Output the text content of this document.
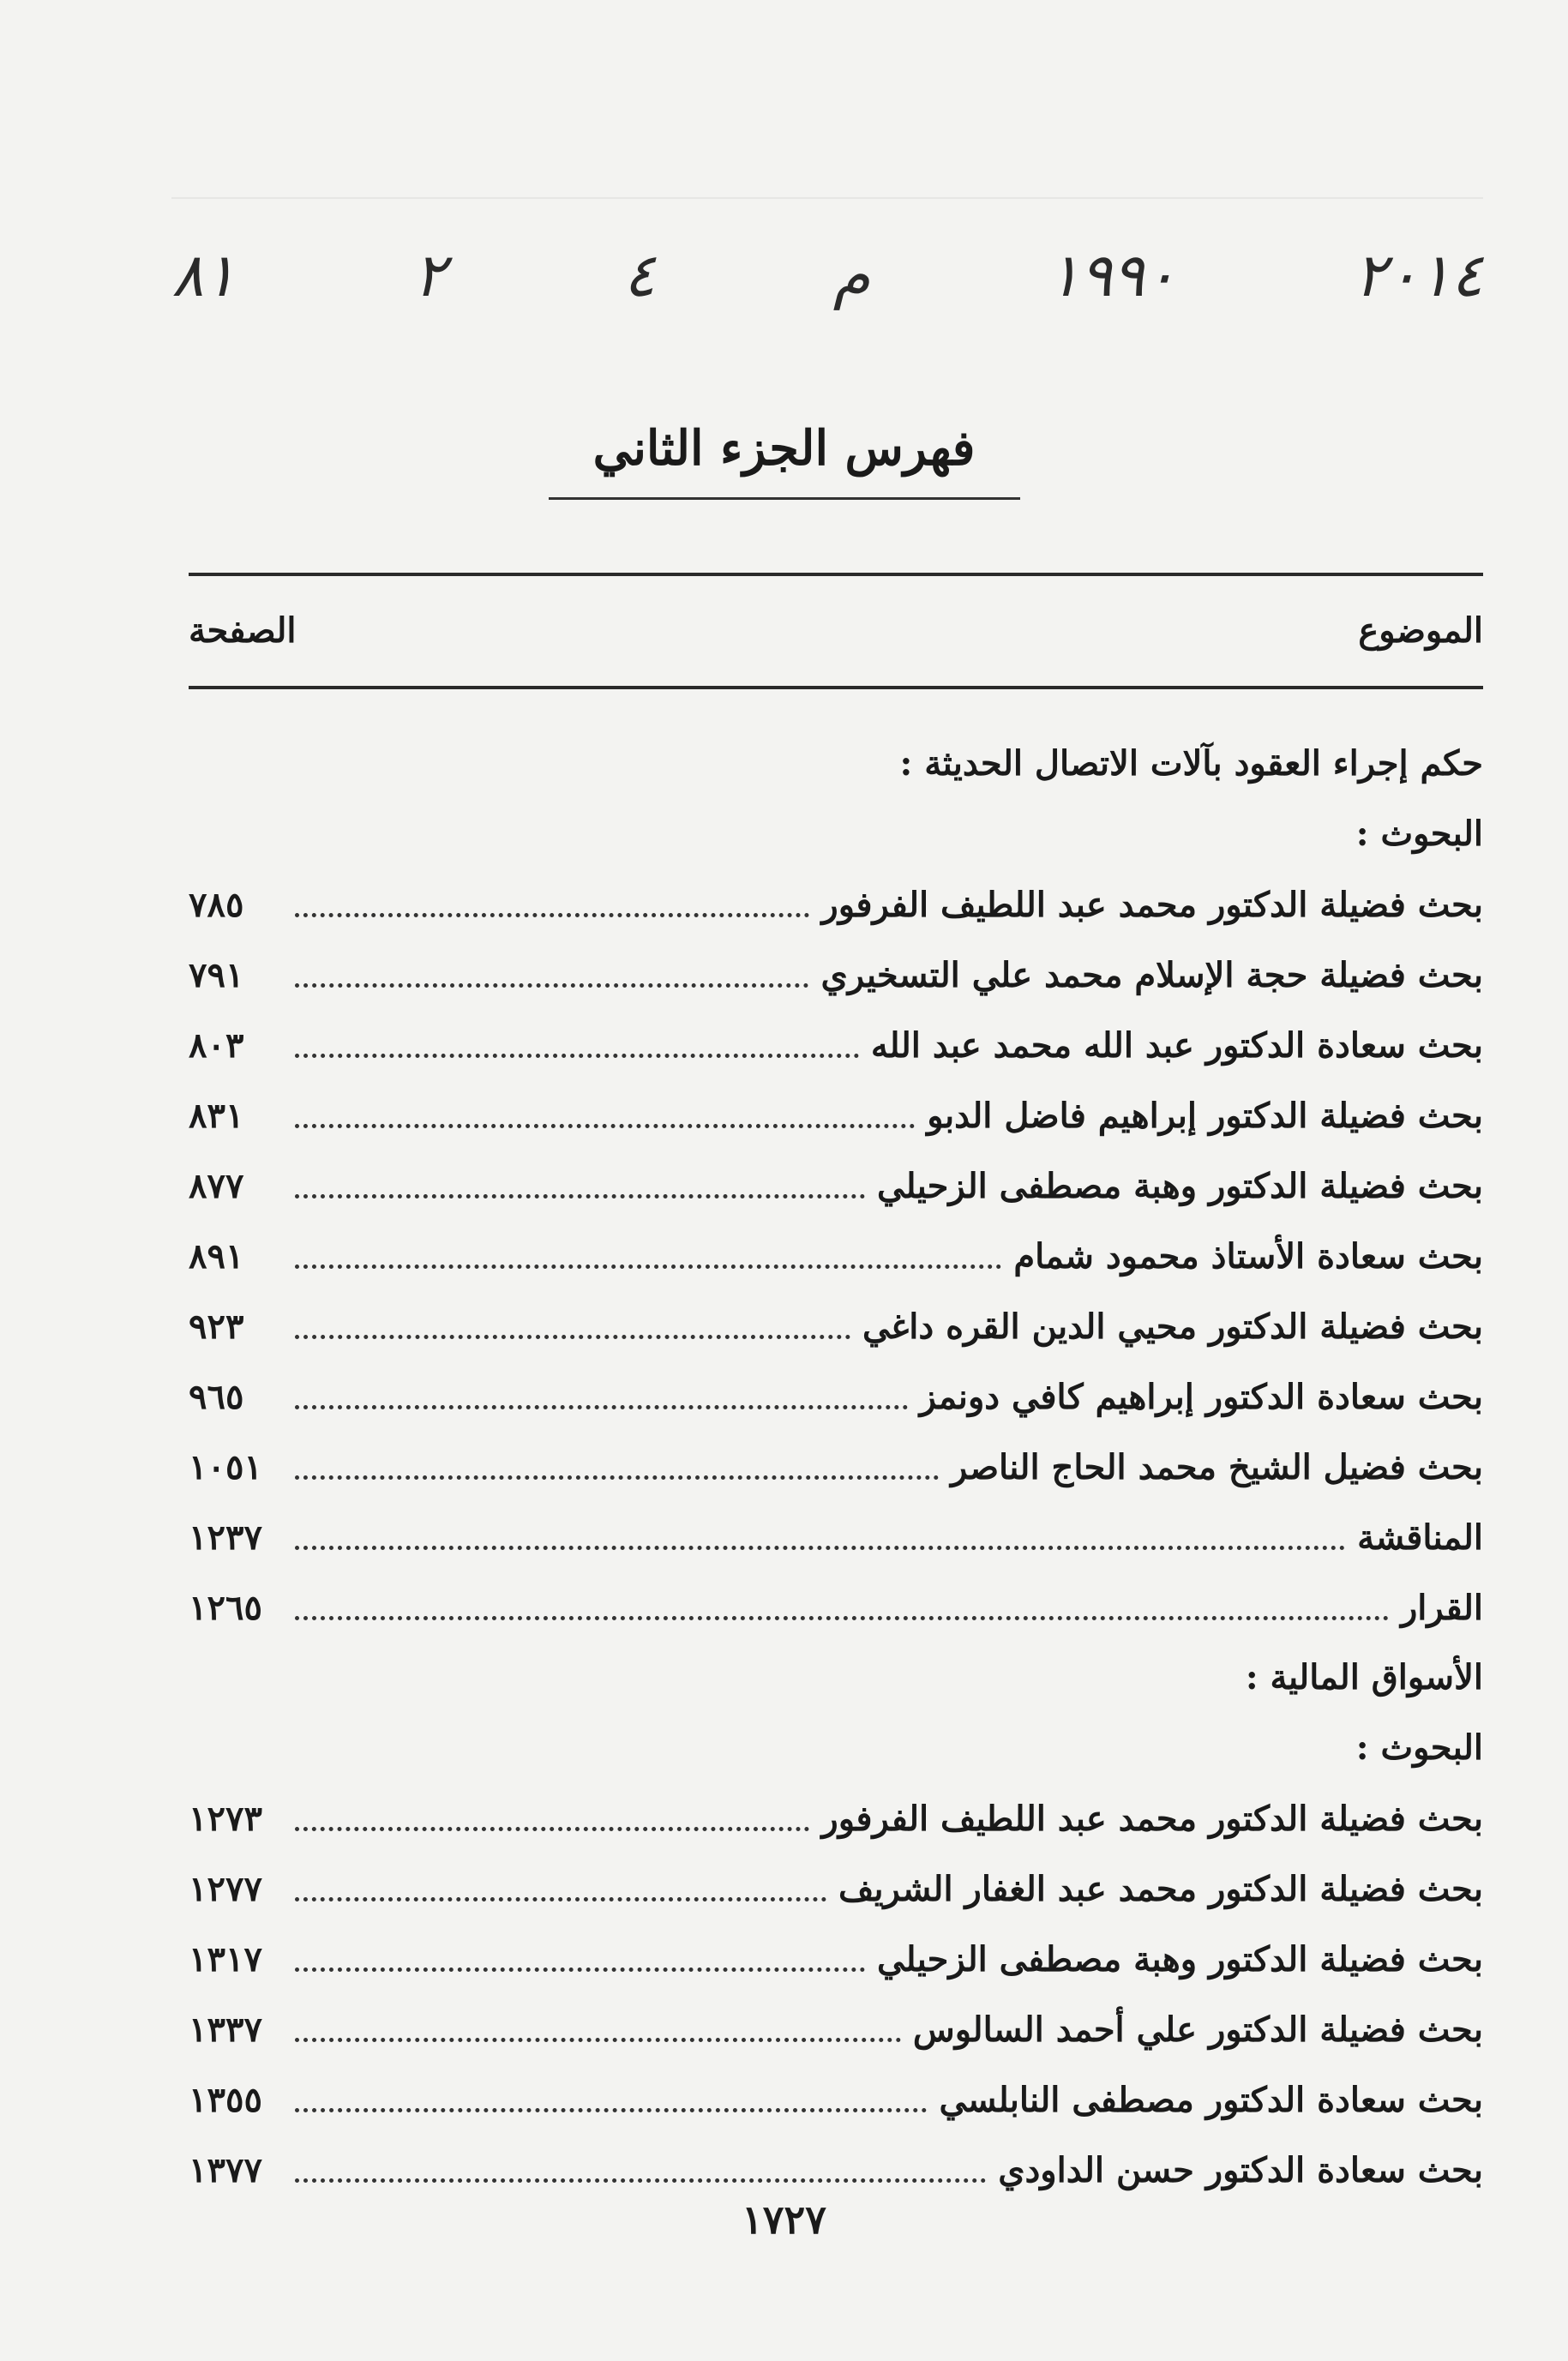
٢٠١٤
١٩٩٠
م
٤
٢
٨١
فهرس الجزء الثاني
الموضوع
الصفحة
حكم إجراء العقود بآلات الاتصال الحديثة :
البحوث :
بحث فضيلة الدكتور محمد عبد اللطيف الفرفور
٧٨٥
بحث فضيلة حجة الإسلام محمد علي التسخيري
٧٩١
بحث سعادة الدكتور عبد الله محمد عبد الله
٨٠٣
بحث فضيلة الدكتور إبراهيم فاضل الدبو
٨٣١
بحث فضيلة الدكتور وهبة مصطفى الزحيلي
٨٧٧
بحث سعادة الأستاذ محمود شمام
٨٩١
بحث فضيلة الدكتور محيي الدين القره داغي
٩٢٣
بحث سعادة الدكتور إبراهيم كافي دونمز
٩٦٥
بحث فضيل الشيخ محمد الحاج الناصر
١٠٥١
المناقشة
١٢٣٧
القرار
١٢٦٥
الأسواق المالية :
البحوث :
بحث فضيلة الدكتور محمد عبد اللطيف الفرفور
١٢٧٣
بحث فضيلة الدكتور محمد عبد الغفار الشريف
١٢٧٧
بحث فضيلة الدكتور وهبة مصطفى الزحيلي
١٣١٧
بحث فضيلة الدكتور علي أحمد السالوس
١٣٣٧
بحث سعادة الدكتور مصطفى النابلسي
١٣٥٥
بحث سعادة الدكتور حسن الداودي
١٣٧٧
١٧٢٧
